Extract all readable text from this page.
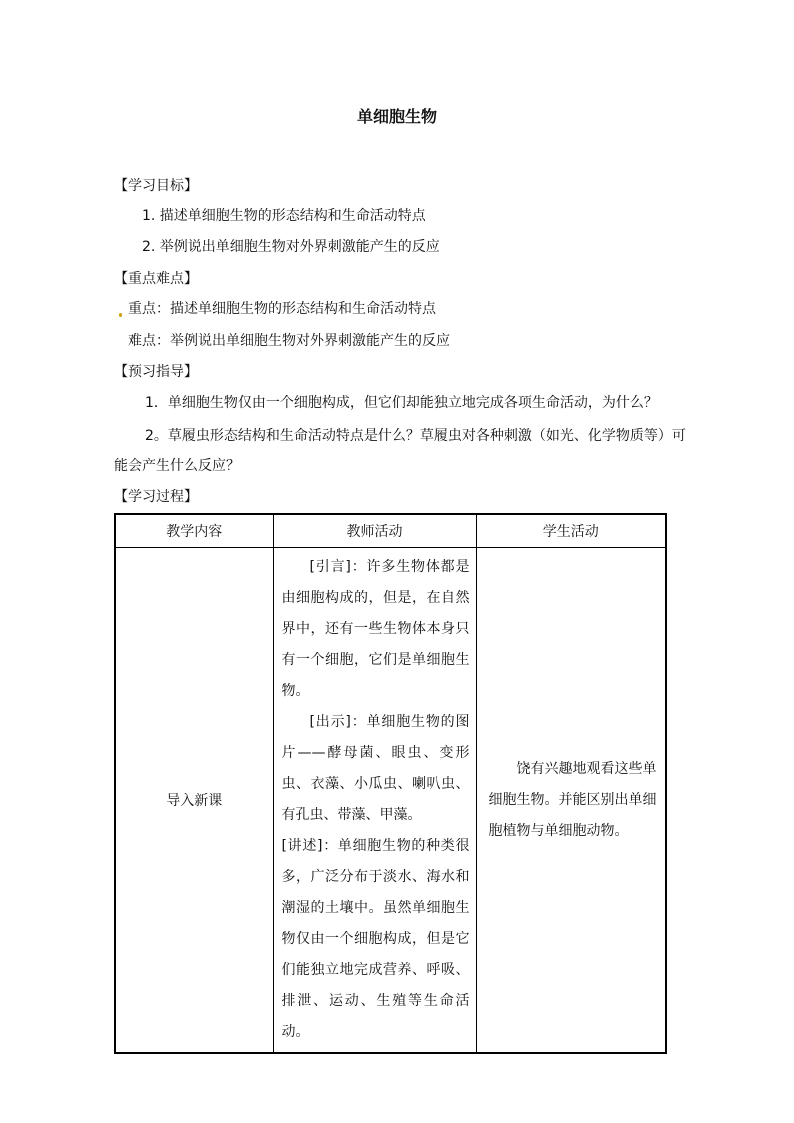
单细胞生物
【学习目标】
1. 描述单细胞生物的形态结构和生命活动特点
2. 举例说出单细胞生物对外界刺激能产生的反应
【重点难点】
重点：描述单细胞生物的形态结构和生命活动特点
难点：举例说出单细胞生物对外界刺激能产生的反应
【预习指导】
1．单细胞生物仅由一个细胞构成，但它们却能独立地完成各项生命活动，为什么？
2。草履虫形态结构和生命活动特点是什么？草履虫对各种刺激（如光、化学物质等）可
能会产生什么反应？
【学习过程】
教学内容	教师活动	学生活动
导入新课	[引言]：许多生物体都是由细胞构成的，但是，在自然界中，还有一些生物体本身只有一个细胞，它们是单细胞生物。

[出示]：单细胞生物的图片——酵母菌、眼虫、变形虫、衣藻、小瓜虫、喇叭虫、有孔虫、带藻、甲藻。

[讲述]：单细胞生物的种类很多，广泛分布于淡水、海水和潮湿的土壤中。虽然单细胞生物仅由一个细胞构成，但是它们能独立地完成营养、呼吸、排泄、运动、生殖等生命活动。	饶有兴趣地观看这些单细胞生物。并能区别出单细胞植物与单细胞动物。
